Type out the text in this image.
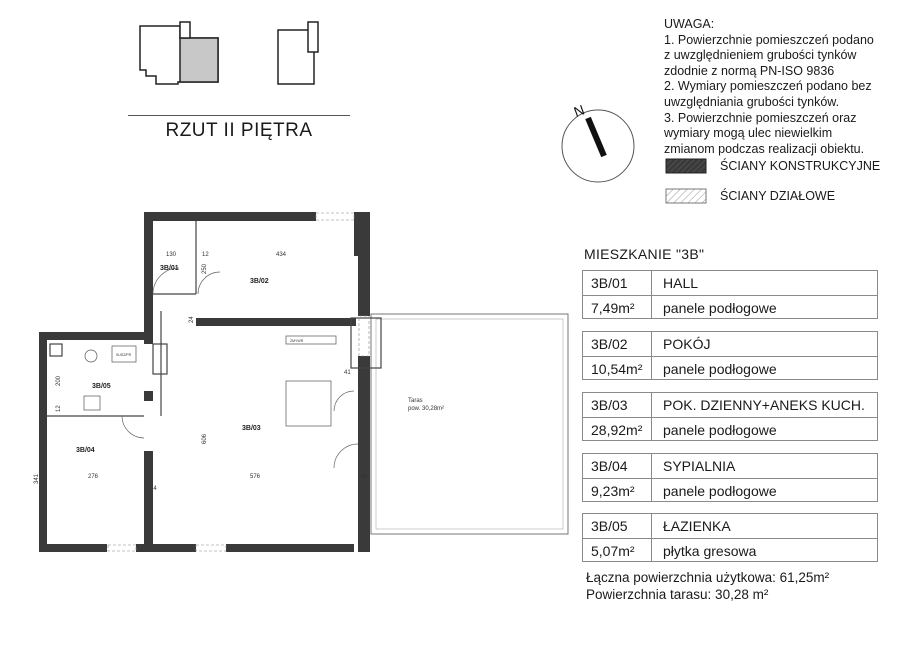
RZUT II PIĘTRA
UWAGA:
1. Powierzchnie pomieszczeń podano
z uwzględnieniem grubości tynków
zdodnie z normą PN-ISO 9836
2. Wymiary pomieszczeń podano bez
uwzględniania grubości tynków.
3. Powierzchnie pomieszczeń oraz
wymiary mogą ulec niewielkim
zmianom podczas realizacji obiektu.
N
ŚCIANY KONSTRUKCYJNE
ŚCIANY DZIAŁOWE
Taras
pow. 30,28m²
SUSZ/PR
ZMYWR
3B/01
3B/02
3B/03
3B/04
3B/05
130	12	434
250
24
41
200
12
606
276	576
341	44
14
MIESZKANIE "3B"
3B/01	HALL
7,49m² panele podłogowe
3B/02	POKÓJ
10,54m² panele podłogowe
3B/03	POK. DZIENNY+ANEKS KUCH.
28,92m² panele podłogowe
3B/04	SYPIALNIA
9,23m² panele podłogowe
3B/05	ŁAZIENKA
5,07m² płytka gresowa
Łączna powierzchnia użytkowa: 61,25m²
Powierzchnia tarasu: 30,28 m²
